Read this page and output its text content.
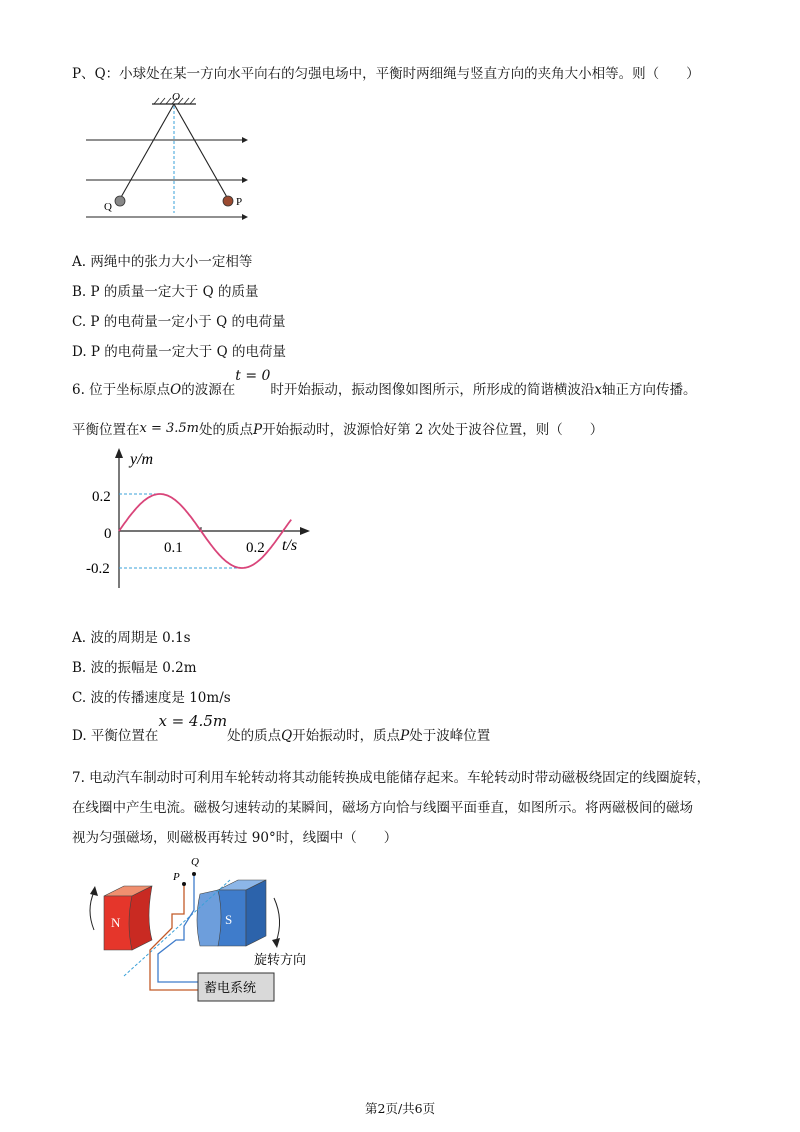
P、Q：小球处在某一方向水平向右的匀强电场中，平衡时两细绳与竖直方向的夹角大小相等。则（　　）
O
Q	P
A. 两绳中的张力大小一定相等
B. P 的质量一定大于 Q 的质量
C. P 的电荷量一定小于 Q 的电荷量
D. P 的电荷量一定大于 Q 的电荷量
6. 位于坐标原点O的波源在t = 0时开始振动，振动图像如图所示，所形成的简谐横波沿x轴正方向传播。
平衡位置在x = 3.5m处的质点P开始振动时，波源恰好第 2 次处于波谷位置，则（　　）
y/m
t/s
0.2
0
-0.2
0.1	0.2
A. 波的周期是 0.1s
B. 波的振幅是 0.2m
C. 波的传播速度是 10m/s
D. 平衡位置在x = 4.5m处的质点Q开始振动时，质点P处于波峰位置
7. 电动汽车制动时可利用车轮转动将其动能转换成电能储存起来。车轮转动时带动磁极绕固定的线圈旋转，
在线圈中产生电流。磁极匀速转动的某瞬间，磁场方向恰与线圈平面垂直，如图所示。将两磁极间的磁场
视为匀强磁场，则磁极再转过 90°时，线圈中（　　）
N	S
旋转方向
P
Q
蓄电系统
第2页/共6页
